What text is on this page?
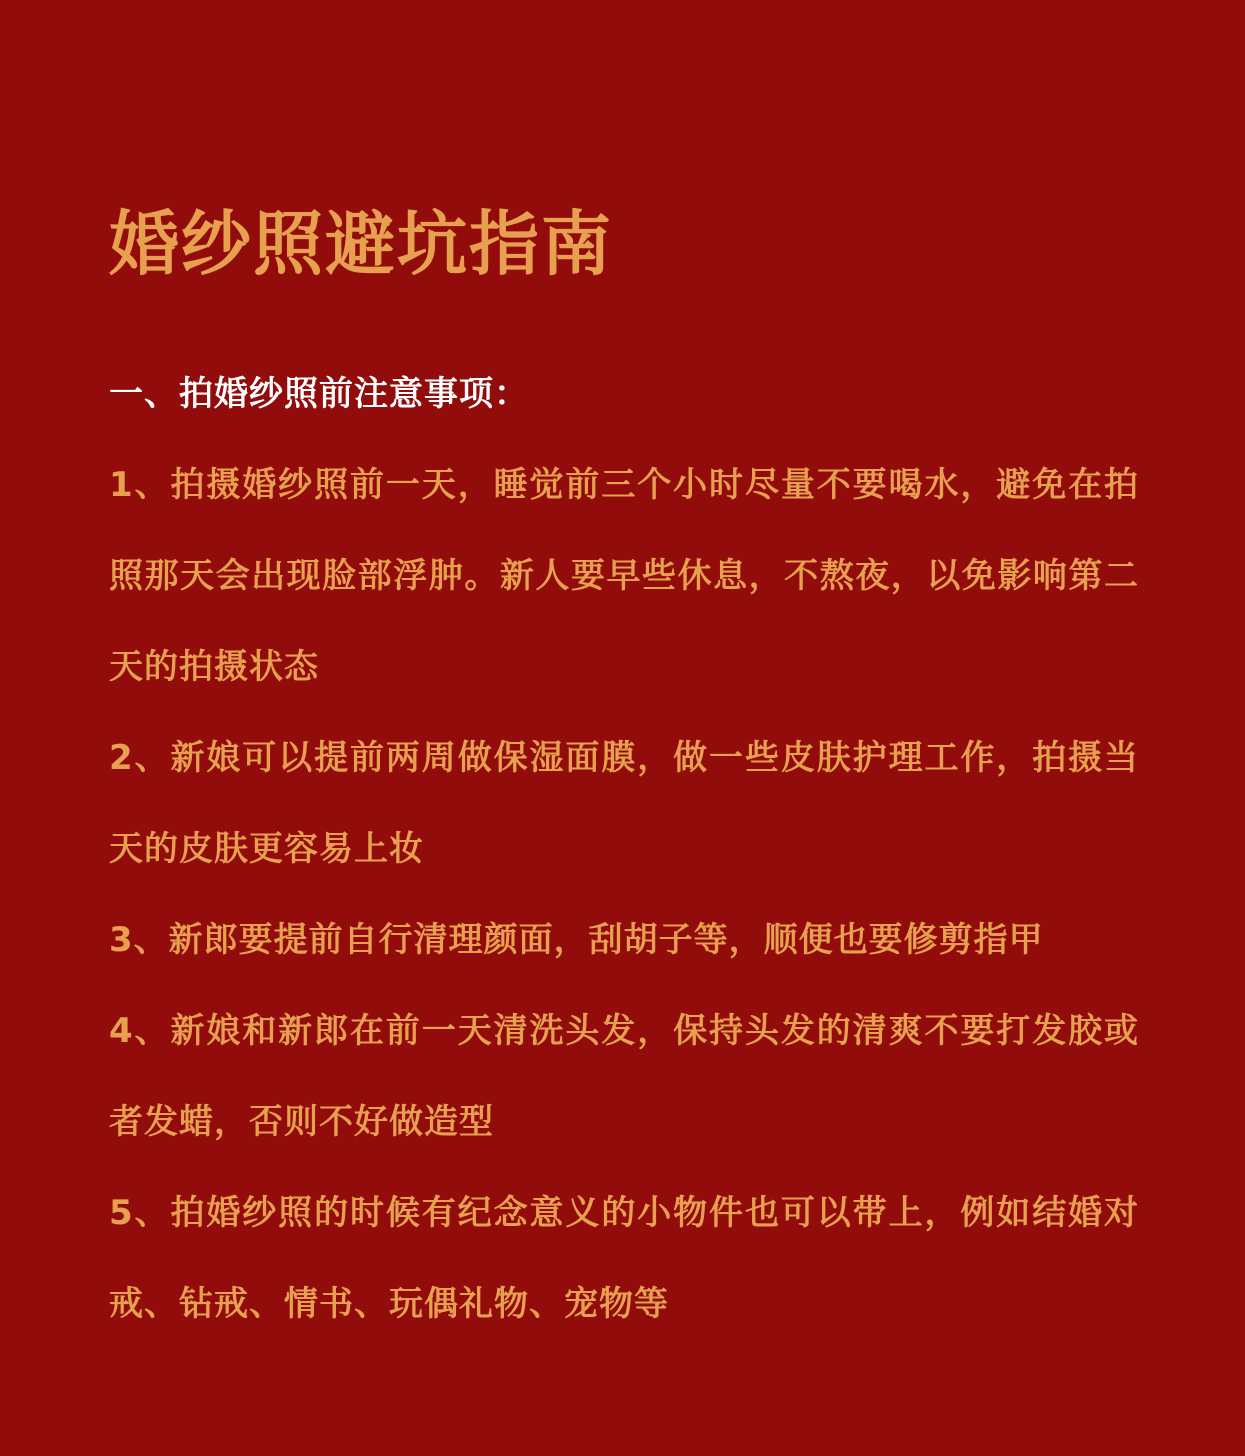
婚纱照避坑指南
一、拍婚纱照前注意事项：
1、拍摄婚纱照前一天，睡觉前三个小时尽量不要喝水，避免在拍照那天会出现脸部浮肿。新人要早些休息，不熬夜，以免影响第二天的拍摄状态
2、新娘可以提前两周做保湿面膜，做一些皮肤护理工作，拍摄当天的皮肤更容易上妆
3、新郎要提前自行清理颜面，刮胡子等，顺便也要修剪指甲
4、新娘和新郎在前一天清洗头发，保持头发的清爽不要打发胶或者发蜡，否则不好做造型
5、拍婚纱照的时候有纪念意义的小物件也可以带上，例如结婚对戒、钻戒、情书、玩偶礼物、宠物等
